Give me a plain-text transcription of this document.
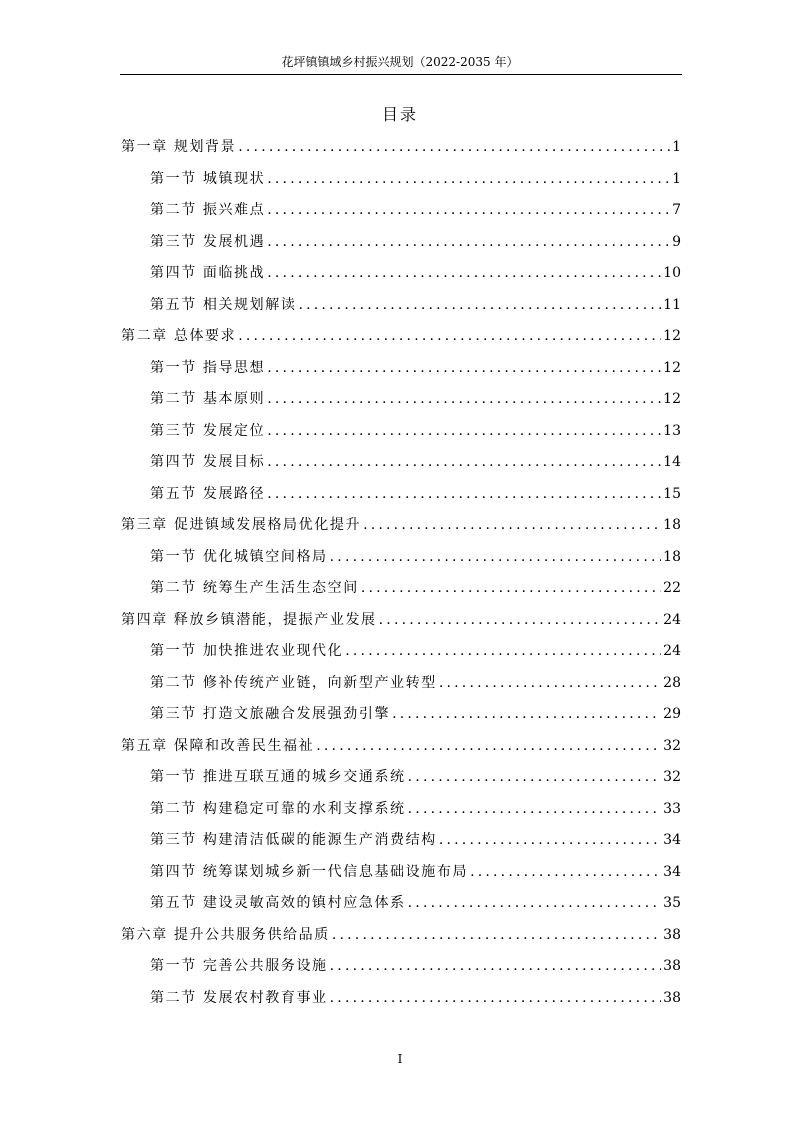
花坪镇镇域乡村振兴规划（2022-2035 年）
目录
第一章 规划背景 .....	1
第一节 城镇现状 .....	1
第二节 振兴难点 .....	7
第三节 发展机遇 .....	9
第四节 面临挑战 .....	10
第五节 相关规划解读 .....	11
第二章 总体要求 .....	12
第一节 指导思想 .....	12
第二节 基本原则 .....	12
第三节 发展定位 .....	13
第四节 发展目标 .....	14
第五节 发展路径 .....	15
第三章 促进镇域发展格局优化提升 .....	18
第一节 优化城镇空间格局 .....	18
第二节 统筹生产生活生态空间 .....	22
第四章 释放乡镇潜能，提振产业发展 .....	24
第一节 加快推进农业现代化 .....	24
第二节 修补传统产业链，向新型产业转型 .....	28
第三节 打造文旅融合发展强劲引擎 .....	29
第五章 保障和改善民生福祉 .....	32
第一节 推进互联互通的城乡交通系统 .....	32
第二节 构建稳定可靠的水利支撑系统 .....	33
第三节 构建清洁低碳的能源生产消费结构 .....	34
第四节 统筹谋划城乡新一代信息基础设施布局 .....	34
第五节 建设灵敏高效的镇村应急体系 .....	35
第六章 提升公共服务供给品质 .....	38
第一节 完善公共服务设施 .....	38
第二节 发展农村教育事业 .....	38
I
